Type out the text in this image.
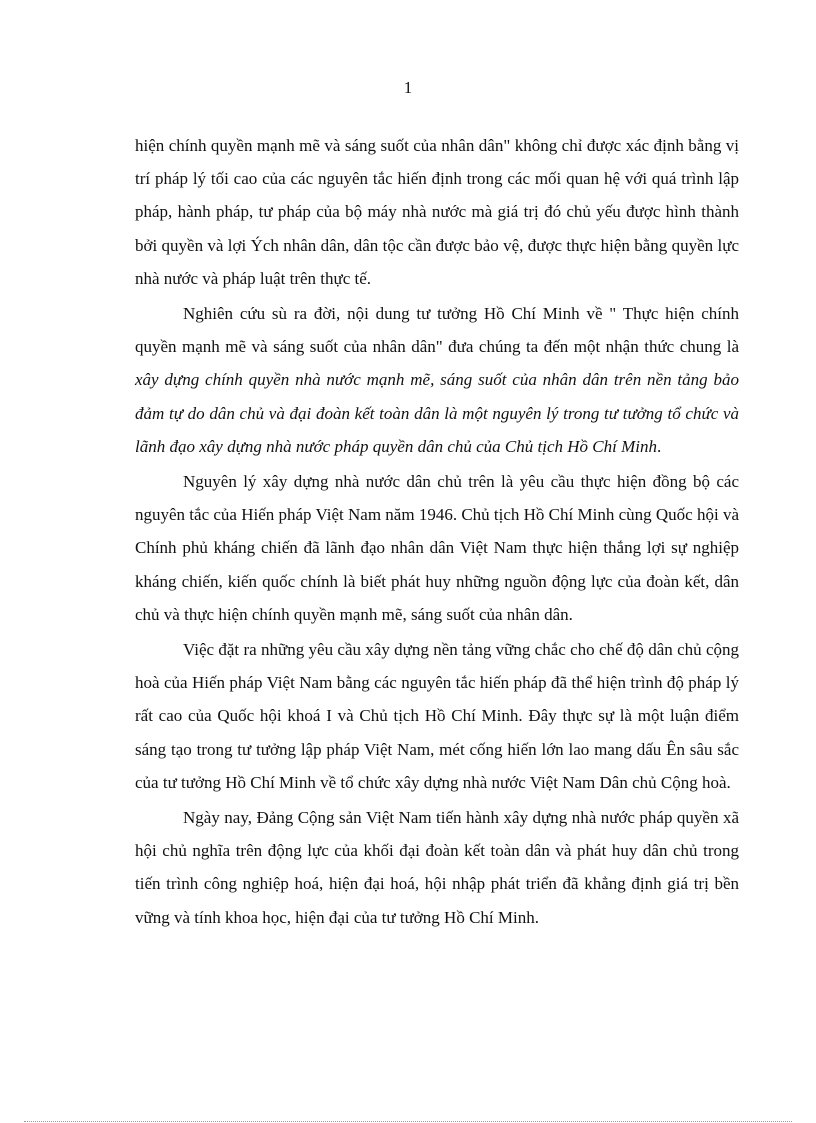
1

hiện chính quyền mạnh mẽ và sáng suốt của nhân dân" không chỉ được xác định bằng vị trí pháp lý tối cao của các nguyên tắc hiến định trong các mối quan hệ với quá trình lập pháp, hành pháp, tư pháp của bộ máy nhà nước mà giá trị đó chủ yếu được hình thành bởi quyền và lợi Ých nhân dân, dân tộc cần được bảo vệ, được thực hiện bằng quyền lực nhà nước và pháp luật trên thực tế.

Nghiên cứu sù ra đời, nội dung tư tưởng Hồ Chí Minh về " Thực hiện chính quyền mạnh mẽ và sáng suốt của nhân dân" đưa chúng ta đến một nhận thức chung là xây dựng chính quyền nhà nước mạnh mẽ, sáng suốt của nhân dân trên nền tảng bảo đảm tự do dân chủ và đại đoàn kết toàn dân là một nguyên lý trong tư tưởng tổ chức và lãnh đạo xây dựng nhà nước pháp quyền dân chủ của Chủ tịch Hồ Chí Minh.

Nguyên lý xây dựng nhà nước dân chủ trên là yêu cầu thực hiện đồng bộ các nguyên tắc của Hiến pháp Việt Nam năm 1946. Chủ tịch Hồ Chí Minh cùng Quốc hội và Chính phủ kháng chiến đã lãnh đạo nhân dân Việt Nam thực hiện thắng lợi sự nghiệp kháng chiến, kiến quốc chính là biết phát huy những nguồn động lực của đoàn kết, dân chủ và thực hiện chính quyền mạnh mẽ, sáng suốt của nhân dân.

Việc đặt ra những yêu cầu xây dựng nền tảng vững chắc cho chế độ dân chủ cộng hoà của Hiến pháp Việt Nam bằng các nguyên tắc hiến pháp đã thể hiện trình độ pháp lý rất cao của Quốc hội khoá I và Chủ tịch Hồ Chí Minh. Đây thực sự là một luận điểm sáng tạo trong tư tưởng lập pháp Việt Nam, mét cống hiến lớn lao mang dấu Ên sâu sắc của tư tưởng Hồ Chí Minh về tổ chức xây dựng nhà nước Việt Nam Dân chủ Cộng hoà.

Ngày nay, Đảng Cộng sản Việt Nam tiến hành xây dựng nhà nước pháp quyền xã hội chủ nghĩa trên động lực của khối đại đoàn kết toàn dân và phát huy dân chủ trong tiến trình công nghiệp hoá, hiện đại hoá, hội nhập phát triển đã khẳng định giá trị bền vững và tính khoa học, hiện đại của tư tưởng Hồ Chí Minh.
